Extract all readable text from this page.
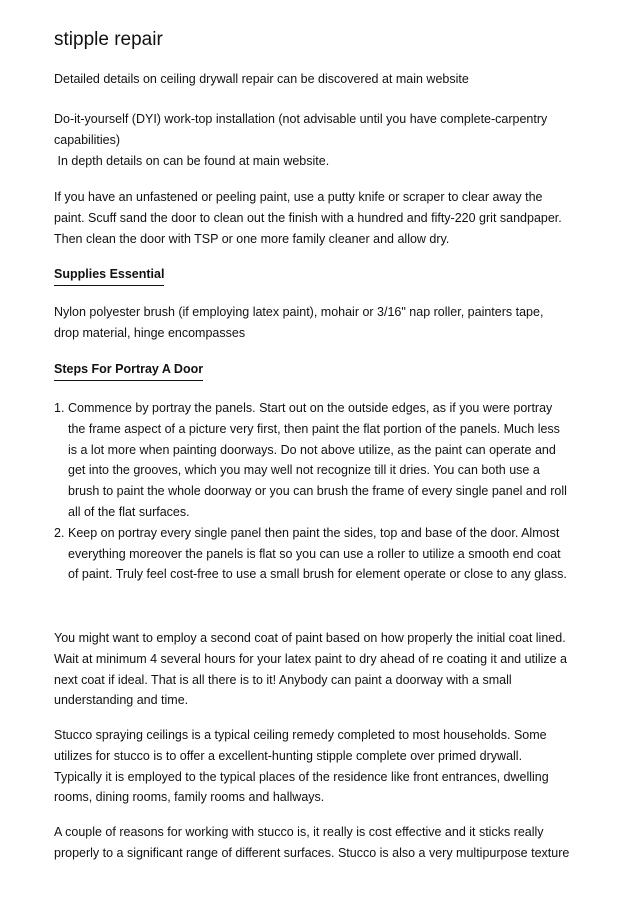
stipple repair

Detailed details on ceiling drywall repair can be discovered at main website

Do-it-yourself (DYI) work-top installation (not advisable until you have complete-carpentry
capabilities)
In depth details on can be found at main website.

If you have an unfastened or peeling paint, use a putty knife or scraper to clear away the
paint. Scuff sand the door to clean out the finish with a hundred and fifty-220 grit sandpaper.
Then clean the door with TSP or one more family cleaner and allow dry.

Supplies Essential

Nylon polyester brush (if employing latex paint), mohair or 3/16" nap roller, painters tape,
drop material, hinge encompasses

Steps For Portray A Door
1. Commence by portray the panels. Start out on the outside edges, as if you were portray
the frame aspect of a picture very first, then paint the flat portion of the panels. Much less
is a lot more when painting doorways. Do not above utilize, as the paint can operate and
get into the grooves, which you may well not recognize till it dries. You can both use a
brush to paint the whole doorway or you can brush the frame of every single panel and roll
all of the flat surfaces.
2. Keep on portray every single panel then paint the sides, top and base of the door. Almost
everything moreover the panels is flat so you can use a roller to utilize a smooth end coat
of paint. Truly feel cost-free to use a small brush for element operate or close to any glass.

You might want to employ a second coat of paint based on how properly the initial coat lined.
Wait at minimum 4 several hours for your latex paint to dry ahead of re coating it and utilize a
next coat if ideal. That is all there is to it! Anybody can paint a doorway with a small
understanding and time.

Stucco spraying ceilings is a typical ceiling remedy completed to most households. Some
utilizes for stucco is to offer a excellent-hunting stipple complete over primed drywall.
Typically it is employed to the typical places of the residence like front entrances, dwelling
rooms, dining rooms, family rooms and hallways.

A couple of reasons for working with stucco is, it really is cost effective and it sticks really
properly to a significant range of different surfaces. Stucco is also a very multipurpose texture
